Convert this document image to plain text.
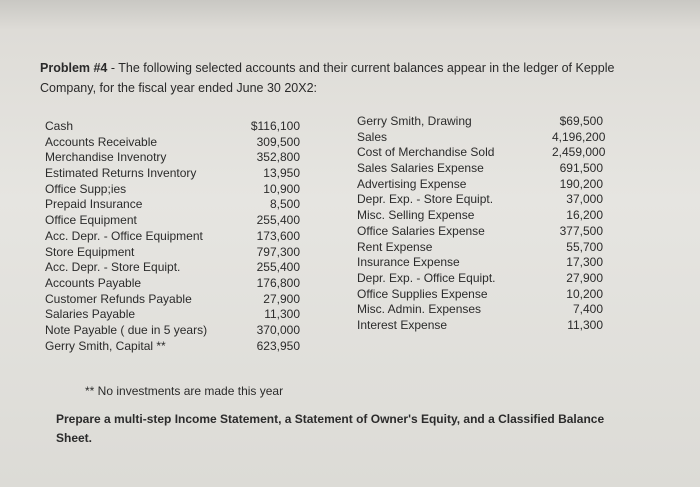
Problem #4 - The following selected accounts and their current balances appear in the ledger of Kepple Company, for the fiscal year ended June 30 20X2:
Cash
Accounts Receivable
Merchandise Invenotry
Estimated Returns Inventory
Office Supp;ies
Prepaid Insurance
Office Equipment
Acc. Depr. - Office Equipment
Store Equipment
Acc. Depr. - Store Equipt.
Accounts Payable
Customer Refunds Payable
Salaries Payable
Note Payable ( due in 5 years)
Gerry Smith, Capital **
$116,100
309,500
352,800
13,950
10,900
8,500
255,400
173,600
797,300
255,400
176,800
27,900
11,300
370,000
623,950
Gerry Smith, Drawing
Sales
Cost of Merchandise Sold
Sales Salaries Expense
Advertising Expense
Depr. Exp. - Store Equipt.
Misc. Selling Expense
Office Salaries Expense
Rent Expense
Insurance Expense
Depr. Exp. - Office Equipt.
Office Supplies Expense
Misc. Admin. Expenses
Interest Expense
$69,500
4,196,200
2,459,000
691,500
190,200
37,000
16,200
377,500
55,700
17,300
27,900
10,200
7,400
11,300
** No investments are made this year
Prepare a multi-step Income Statement, a Statement of Owner's Equity, and a Classified Balance Sheet.
